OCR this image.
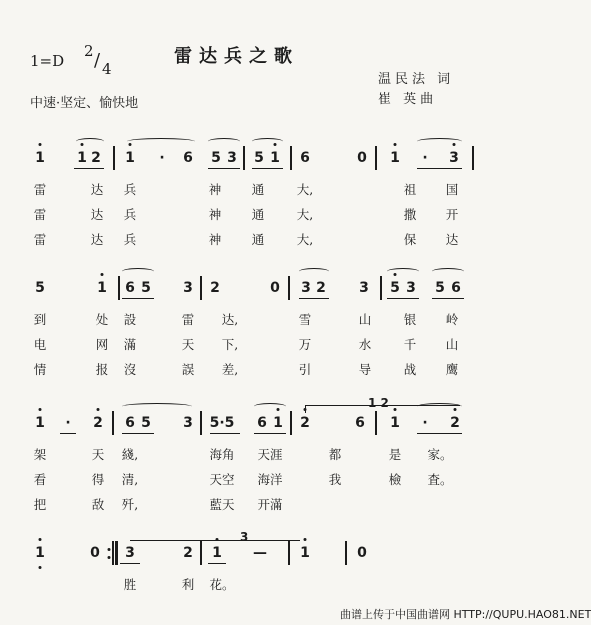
1=D
2 / 4
雷达兵之歌
中速·坚定、愉快地
温民法 词
崔 英曲
1 1 2 1 · 6 5 3 5 1 6	0 1 · 3
雷	达 兵	神 通	大,	祖 国
雷	达 兵	神 通	大,	撒 开
雷	达 兵	神 通	大,	保 达
5	1 6 5 3 2	0 3 2 3 5 3 5 6
到	处 設	雷 达,	雪	山	银 岭
电	网 滿	天 下,	万	水	千 山
情	报 沒	誤 差,	引	导	战 鹰
1 · 2 6 5 3 5·5 6 1 2	6 1 · 2
架	天 綫,	海角 天涯	都	是 家。
看	得 清,	天空 海洋	我	檢 査。
把	敌 歼,	藍天 开滿
1	0 3	2 1 — 1	0
胜	利 花。
1 2
3
曲谱上传于中国曲谱网 HTTP://QUPU.HAO81.NET
